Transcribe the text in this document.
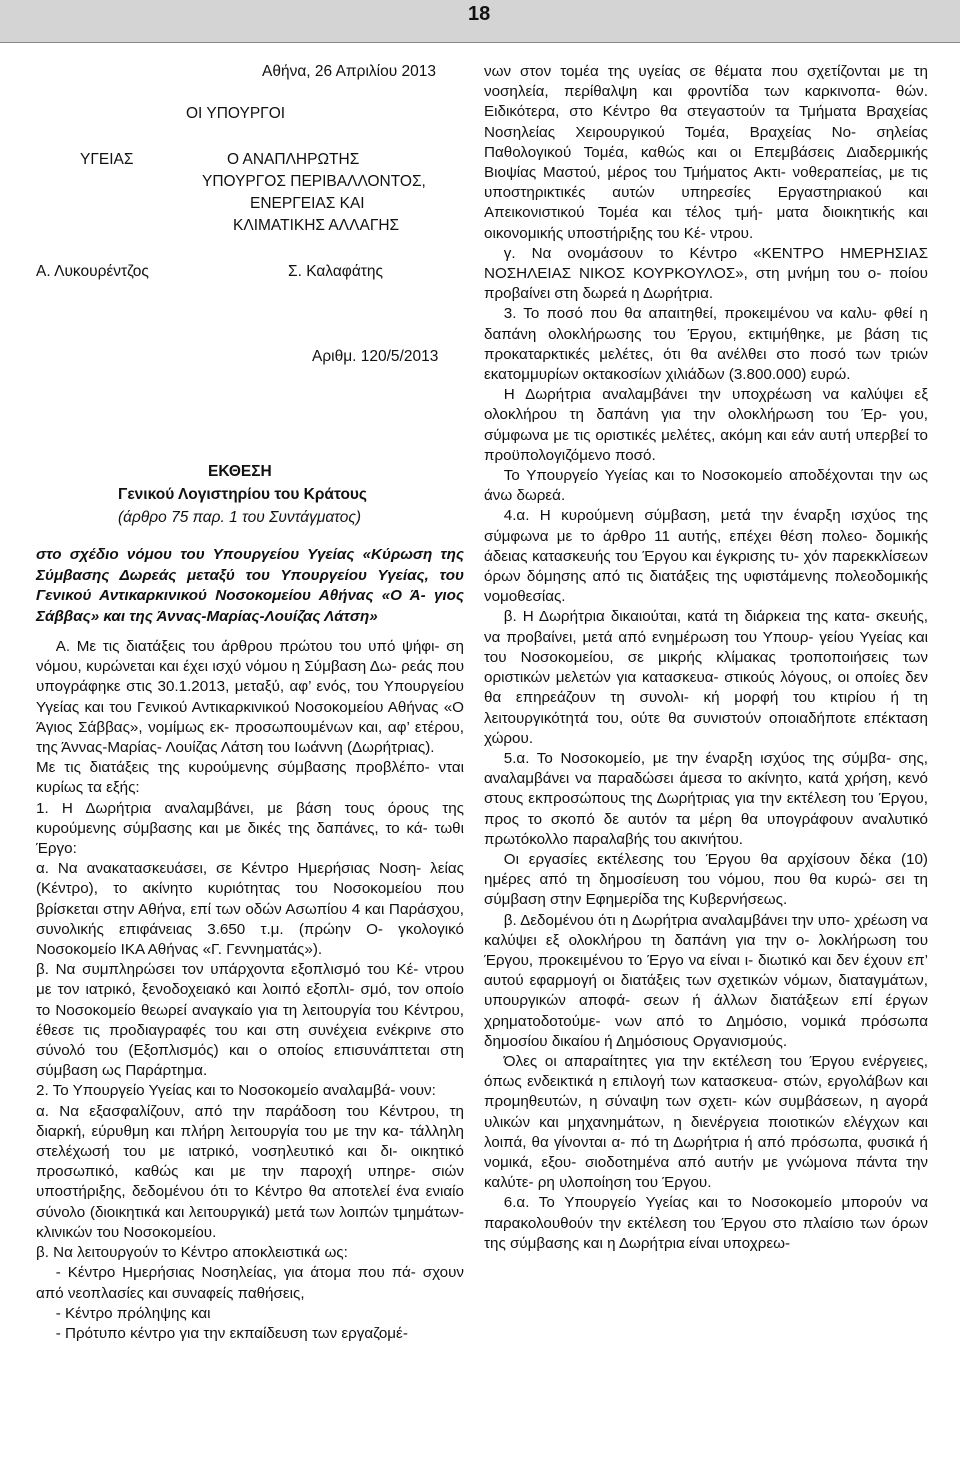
18
Αθήνα, 26 Απριλίου 2013
ΟΙ ΥΠΟΥΡΓΟΙ
ΥΓΕΙΑΣ	Ο ΑΝΑΠΛΗΡΩΤΗΣ
ΥΠΟΥΡΓΟΣ ΠΕΡΙΒΑΛΛΟΝΤΟΣ,
ΕΝΕΡΓΕΙΑΣ ΚΑΙ
ΚΛΙΜΑΤΙΚΗΣ ΑΛΛΑΓΗΣ
Α. Λυκουρέντζος	Σ. Καλαφάτης
Αριθμ. 120/5/2013
ΕΚΘΕΣΗ
Γενικού Λογιστηρίου του Κράτους
(άρθρο 75 παρ. 1 του Συντάγματος)

στο σχέδιο νόμου του Υπουργείου Υγείας «Κύρωση της Σύμβασης Δωρεάς μεταξύ του Υπουργείου Υγείας, του Γενικού Αντικαρκινικού Νοσοκομείου Αθήνας «Ο Ά- γιος Σάββας» και της Άννας-Μαρίας-Λουίζας Λάτση»

Α. Με τις διατάξεις του άρθρου πρώτου του υπό ψήφι- ση νόμου, κυρώνεται και έχει ισχύ νόμου η Σύμβαση Δω- ρεάς που υπογράφηκε στις 30.1.2013, μεταξύ, αφ’ ενός, του Υπουργείου Υγείας και του Γενικού Αντικαρκινικού Νοσοκομείου Αθήνας «Ο Άγιος Σάββας», νομίμως εκ- προσωπουμένων και, αφ’ ετέρου, της Άννας-Μαρίας- Λουίζας Λάτση του Ιωάννη (Δωρήτριας).

Με τις διατάξεις της κυρούμενης σύμβασης προβλέπο- νται κυρίως τα εξής:

1. Η Δωρήτρια αναλαμβάνει, με βάση τους όρους της κυρούμενης σύμβασης και με δικές της δαπάνες, το κά- τωθι Έργο:

α. Να ανακατασκευάσει, σε Κέντρο Ημερήσιας Νοση- λείας (Κέντρο), το ακίνητο κυριότητας του Νοσοκομείου που βρίσκεται στην Αθήνα, επί των οδών Ασωπίου 4 και Παράσχου, συνολικής επιφάνειας 3.650 τ.μ. (πρώην Ο- γκολογικό Νοσοκομείο ΙΚΑ Αθήνας «Γ. Γεννηματάς»).

β. Να συμπληρώσει τον υπάρχοντα εξοπλισμό του Κέ- ντρου με τον ιατρικό, ξενοδοχειακό και λοιπό εξοπλι- σμό, τον οποίο το Νοσοκομείο θεωρεί αναγκαίο για τη λειτουργία του Κέντρου, έθεσε τις προδιαγραφές του και στη συνέχεια ενέκρινε στο σύνολό του (Εξοπλισμός) και ο οποίος επισυνάπτεται στη σύμβαση ως Παράρτημα.

2. Το Υπουργείο Υγείας και το Νοσοκομείο αναλαμβά- νουν:

α. Να εξασφαλίζουν, από την παράδοση του Κέντρου, τη διαρκή, εύρυθμη και πλήρη λειτουργία του με την κα- τάλληλη στελέχωσή του με ιατρικό, νοσηλευτικό και δι- οικητικό προσωπικό, καθώς και με την παροχή υπηρε- σιών υποστήριξης, δεδομένου ότι το Κέντρο θα αποτελεί ένα ενιαίο σύνολο (διοικητικά και λειτουργικά) μετά των λοιπών τμημάτων-κλινικών του Νοσοκομείου.

β. Να λειτουργούν το Κέντρο αποκλειστικά ως:

- Κέντρο Ημερήσιας Νοσηλείας, για άτομα που πά- σχουν από νεοπλασίες και συναφείς παθήσεις,

- Κέντρο πρόληψης και

- Πρότυπο κέντρο για την εκπαίδευση των εργαζομέ-

νων στον τομέα της υγείας σε θέματα που σχετίζονται με τη νοσηλεία, περίθαλψη και φροντίδα των καρκινοπα- θών. Ειδικότερα, στο Κέντρο θα στεγαστούν τα Τμήματα Βραχείας Νοσηλείας Χειρουργικού Τομέα, Βραχείας Νο- σηλείας Παθολογικού Τομέα, καθώς και οι Επεμβάσεις Διαδερμικής Βιοψίας Μαστού, μέρος του Τμήματος Ακτι- νοθεραπείας, με τις υποστηρικτικές αυτών υπηρεσίες Εργαστηριακού και Απεικονιστικού Τομέα και τέλος τμή- ματα διοικητικής και οικονομικής υποστήριξης του Κέ- ντρου.

γ. Να ονομάσουν το Κέντρο «ΚΕΝΤΡΟ ΗΜΕΡΗΣΙΑΣ ΝΟΣΗΛΕΙΑΣ ΝΙΚΟΣ ΚΟΥΡΚΟΥΛΟΣ», στη μνήμη του ο- ποίου προβαίνει στη δωρεά η Δωρήτρια.

3. Το ποσό που θα απαιτηθεί, προκειμένου να καλυ- φθεί η δαπάνη ολοκλήρωσης του Έργου, εκτιμήθηκε, με βάση τις προκαταρκτικές μελέτες, ότι θα ανέλθει στο ποσό των τριών εκατομμυρίων οκτακοσίων χιλιάδων (3.800.000) ευρώ.

Η Δωρήτρια αναλαμβάνει την υποχρέωση να καλύψει εξ ολοκλήρου τη δαπάνη για την ολοκλήρωση του Έρ- γου, σύμφωνα με τις οριστικές μελέτες, ακόμη και εάν αυτή υπερβεί το προϋπολογιζόμενο ποσό.

Το Υπουργείο Υγείας και το Νοσοκομείο αποδέχονται την ως άνω δωρεά.

4.α. Η κυρούμενη σύμβαση, μετά την έναρξη ισχύος της σύμφωνα με το άρθρο 11 αυτής, επέχει θέση πολεο- δομικής άδειας κατασκευής του Έργου και έγκρισης τυ- χόν παρεκκλίσεων όρων δόμησης από τις διατάξεις της υφιστάμενης πολεοδομικής νομοθεσίας.

β. Η Δωρήτρια δικαιούται, κατά τη διάρκεια της κατα- σκευής, να προβαίνει, μετά από ενημέρωση του Υπουρ- γείου Υγείας και του Νοσοκομείου, σε μικρής κλίμακας τροποποιήσεις των οριστικών μελετών για κατασκευα- στικούς λόγους, οι οποίες δεν θα επηρεάζουν τη συνολι- κή μορφή του κτιρίου ή τη λειτουργικότητά του, ούτε θα συνιστούν οποιαδήποτε επέκταση χώρου.

5.α. Το Νοσοκομείο, με την έναρξη ισχύος της σύμβα- σης, αναλαμβάνει να παραδώσει άμεσα το ακίνητο, κατά χρήση, κενό στους εκπροσώπους της Δωρήτριας για την εκτέλεση του Έργου, προς το σκοπό δε αυτόν τα μέρη θα υπογράφουν αναλυτικό πρωτόκολλο παραλαβής του ακινήτου.

Οι εργασίες εκτέλεσης του Έργου θα αρχίσουν δέκα (10) ημέρες από τη δημοσίευση του νόμου, που θα κυρώ- σει τη σύμβαση στην Εφημερίδα της Κυβερνήσεως.

β. Δεδομένου ότι η Δωρήτρια αναλαμβάνει την υπο- χρέωση να καλύψει εξ ολοκλήρου τη δαπάνη για την ο- λοκλήρωση του Έργου, προκειμένου το Έργο να είναι ι- διωτικό και δεν έχουν επ’ αυτού εφαρμογή οι διατάξεις των σχετικών νόμων, διαταγμάτων, υπουργικών αποφά- σεων ή άλλων διατάξεων επί έργων χρηματοδοτούμε- νων από το Δημόσιο, νομικά πρόσωπα δημοσίου δικαίου ή Δημόσιους Οργανισμούς.

Όλες οι απαραίτητες για την εκτέλεση του Έργου ενέργειες, όπως ενδεικτικά η επιλογή των κατασκευα- στών, εργολάβων και προμηθευτών, η σύναψη των σχετι- κών συμβάσεων, η αγορά υλικών και μηχανημάτων, η διενέργεια ποιοτικών ελέγχων και λοιπά, θα γίνονται α- πό τη Δωρήτρια ή από πρόσωπα, φυσικά ή νομικά, εξου- σιοδοτημένα από αυτήν με γνώμονα πάντα την καλύτε- ρη υλοποίηση του Έργου.

6.α. Το Υπουργείο Υγείας και το Νοσοκομείο μπορούν να παρακολουθούν την εκτέλεση του Έργου στο πλαίσιο των όρων της σύμβασης και η Δωρήτρια είναι υποχρεω-
